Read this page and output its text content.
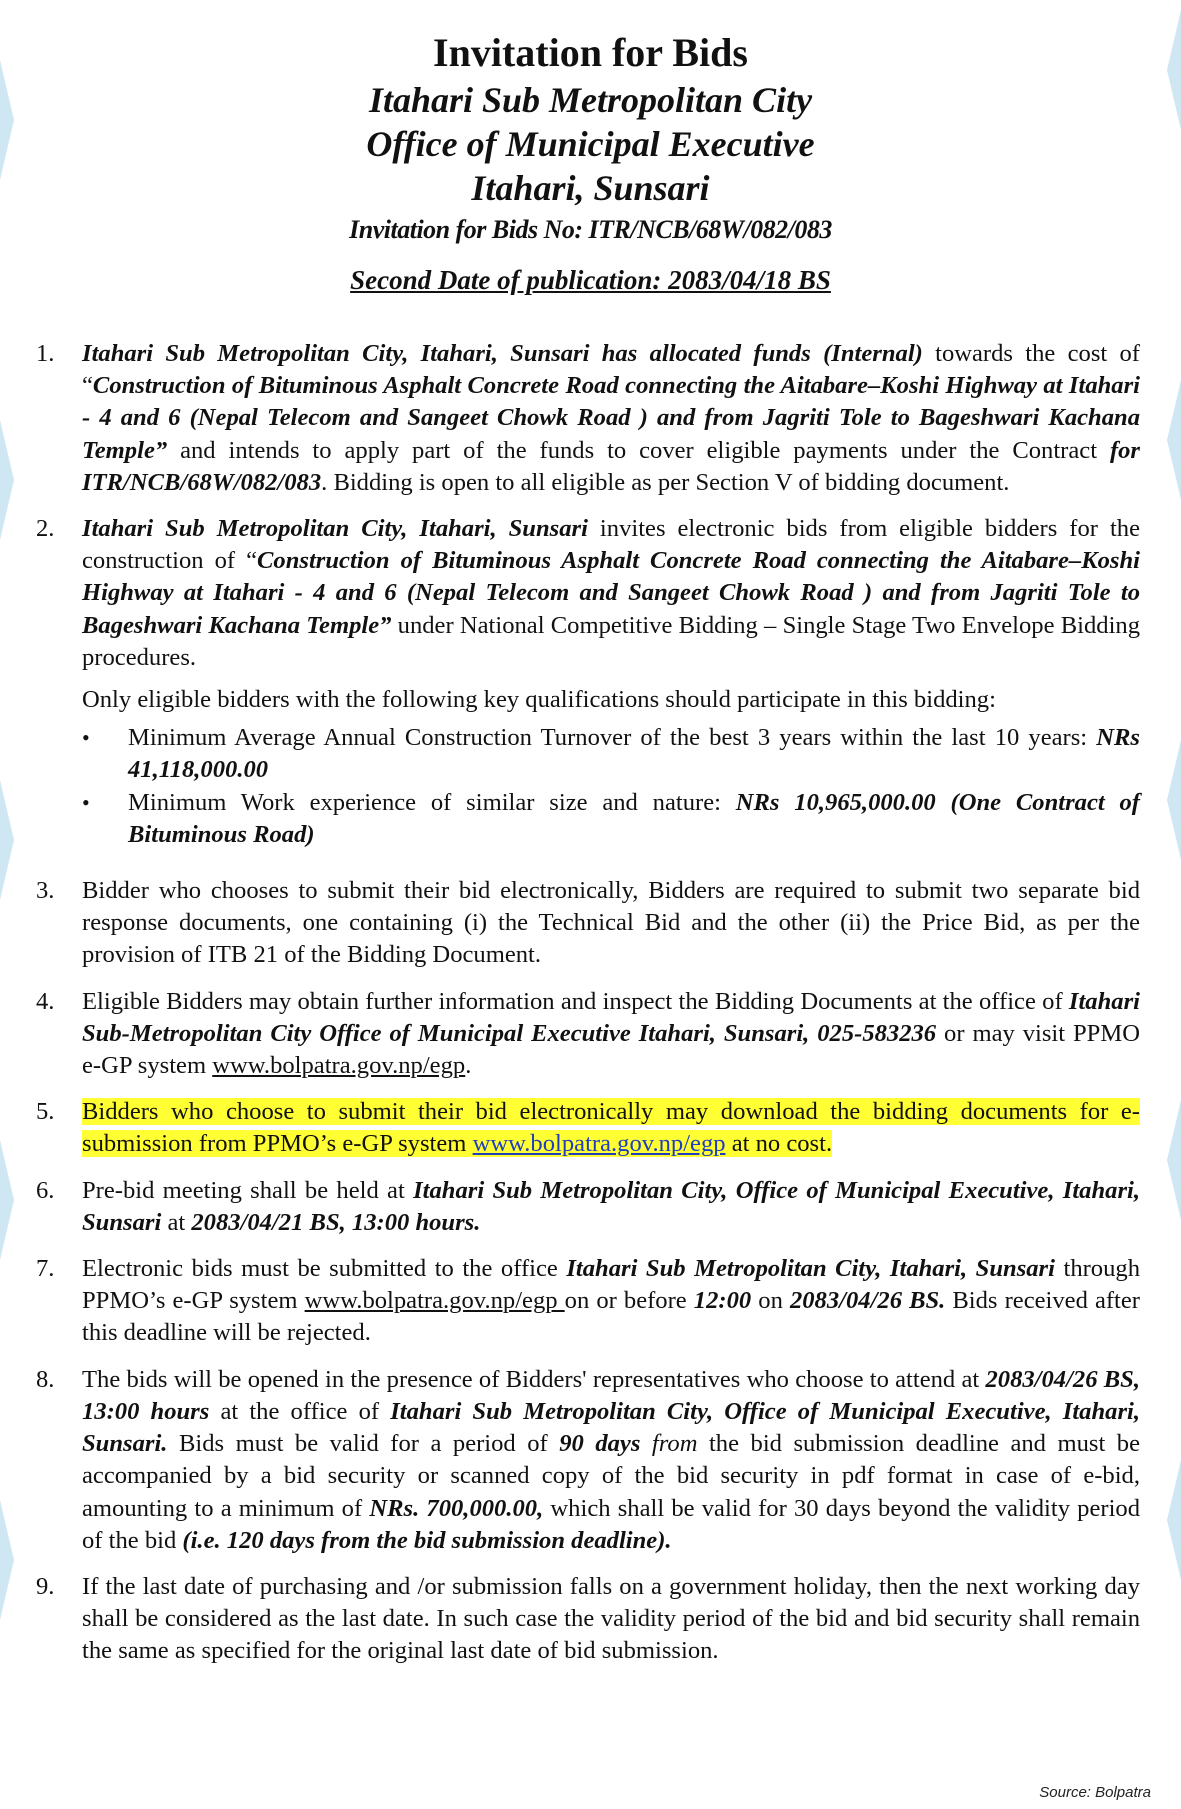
Invitation for Bids
Itahari Sub Metropolitan City
Office of Municipal Executive
Itahari, Sunsari
Invitation for Bids No: ITR/NCB/68W/082/083
Second Date of publication: 2083/04/18 BS
1.	Itahari Sub Metropolitan City, Itahari, Sunsari has allocated funds (Internal) towards the cost of “Construction of Bituminous Asphalt Concrete Road connecting the Aitabare–Koshi Highway at Itahari - 4 and 6 (Nepal Telecom and Sangeet Chowk Road ) and from Jagriti Tole to Bageshwari Kachana Temple” and intends to apply part of the funds to cover eligible payments under the Contract for ITR/NCB/68W/082/083. Bidding is open to all eligible as per Section V of bidding document.
2.	Itahari Sub Metropolitan City, Itahari, Sunsari invites electronic bids from eligible bidders for the construction of “Construction of Bituminous Asphalt Concrete Road connecting the Aitabare–Koshi Highway at Itahari - 4 and 6 (Nepal Telecom and Sangeet Chowk Road ) and from Jagriti Tole to Bageshwari Kachana Temple” under National Competitive Bidding – Single Stage Two Envelope Bidding procedures.
Only eligible bidders with the following key qualifications should participate in this bidding:
•	Minimum Average Annual Construction Turnover of the best 3 years within the last 10 years: NRs 41,118,000.00
•	Minimum Work experience of similar size and nature: NRs 10,965,000.00 (One Contract of Bituminous Road)
3.	Bidder who chooses to submit their bid electronically, Bidders are required to submit two separate bid response documents, one containing (i) the Technical Bid and the other (ii) the Price Bid, as per the provision of ITB 21 of the Bidding Document.
4.	Eligible Bidders may obtain further information and inspect the Bidding Documents at the office of Itahari Sub-Metropolitan City Office of Municipal Executive Itahari, Sunsari, 025-583236 or may visit PPMO e-GP system www.bolpatra.gov.np/egp.
5.	Bidders who choose to submit their bid electronically may download the bidding documents for e-submission from PPMO’s e-GP system www.bolpatra.gov.np/egp at no cost.
6.	Pre-bid meeting shall be held at Itahari Sub Metropolitan City, Office of Municipal Executive, Itahari, Sunsari at 2083/04/21 BS, 13:00 hours.
7.	Electronic bids must be submitted to the office Itahari Sub Metropolitan City, Itahari, Sunsari through PPMO’s e-GP system www.bolpatra.gov.np/egp on or before 12:00 on 2083/04/26 BS. Bids received after this deadline will be rejected.
8.	The bids will be opened in the presence of Bidders' representatives who choose to attend at 2083/04/26 BS, 13:00 hours at the office of Itahari Sub Metropolitan City, Office of Municipal Executive, Itahari, Sunsari. Bids must be valid for a period of 90 days from the bid submission deadline and must be accompanied by a bid security or scanned copy of the bid security in pdf format in case of e-bid, amounting to a minimum of NRs. 700,000.00, which shall be valid for 30 days beyond the validity period of the bid (i.e. 120 days from the bid submission deadline).
9.	If the last date of purchasing and /or submission falls on a government holiday, then the next working day shall be considered as the last date. In such case the validity period of the bid and bid security shall remain the same as specified for the original last date of bid submission.
Source: Bolpatra
